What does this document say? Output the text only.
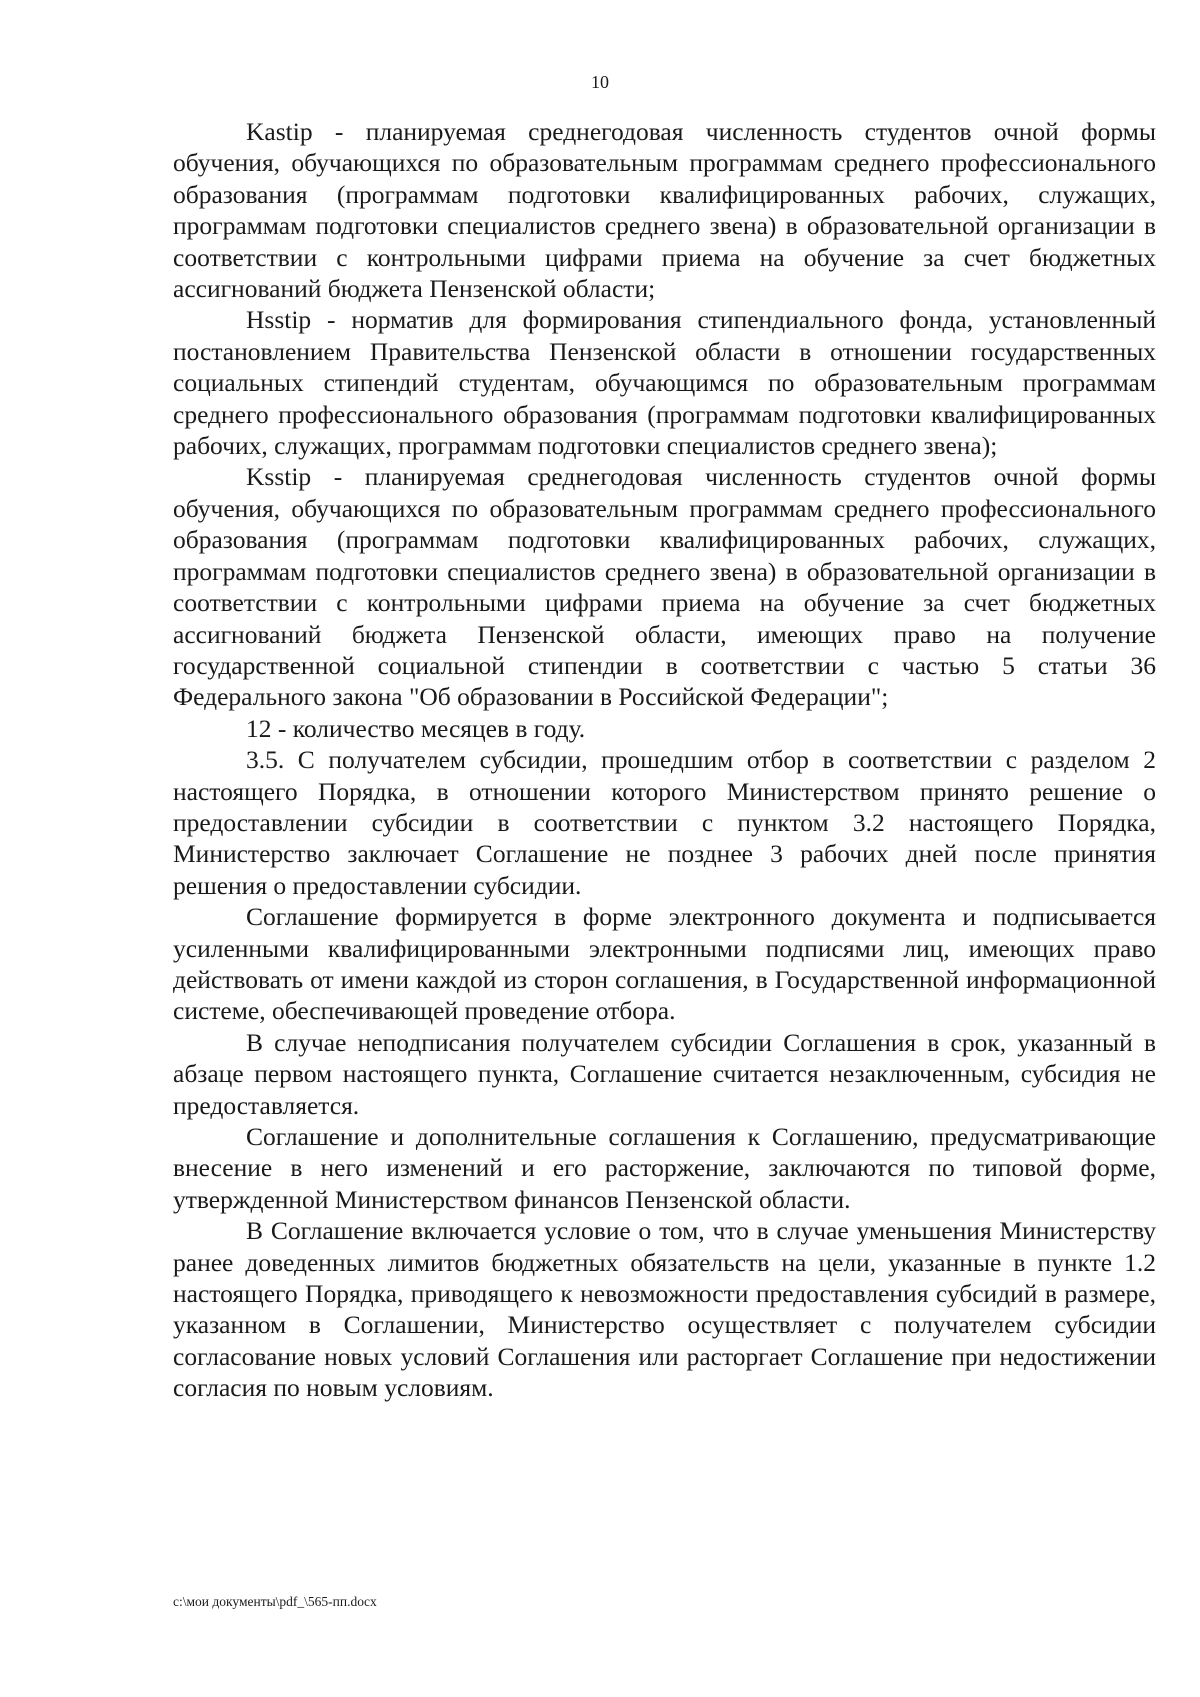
10

Kastip - планируемая среднегодовая численность студентов очной формы обучения, обучающихся по образовательным программам среднего профессионального образования (программам подготовки квалифицированных рабочих, служащих, программам подготовки специалистов среднего звена) в образовательной организации в соответствии с контрольными цифрами приема на обучение за счет бюджетных ассигнований бюджета Пензенской области;

Hsstip - норматив для формирования стипендиального фонда, установленный постановлением Правительства Пензенской области в отношении государственных социальных стипендий студентам, обучающимся по образовательным программам среднего профессионального образования (программам подготовки квалифицированных рабочих, служащих, программам подготовки специалистов среднего звена);

Ksstip - планируемая среднегодовая численность студентов очной формы обучения, обучающихся по образовательным программам среднего профессионального образования (программам подготовки квалифицированных рабочих, служащих, программам подготовки специалистов среднего звена) в образовательной организации в соответствии с контрольными цифрами приема на обучение за счет бюджетных ассигнований бюджета Пензенской области, имеющих право на получение государственной социальной стипендии в соответствии с частью 5 статьи 36 Федерального закона "Об образовании в Российской Федерации";

12 - количество месяцев в году.

3.5. С получателем субсидии, прошедшим отбор в соответствии с разделом 2 настоящего Порядка, в отношении которого Министерством принято решение о предоставлении субсидии в соответствии с пунктом 3.2 настоящего Порядка, Министерство заключает Соглашение не позднее 3 рабочих дней после принятия решения о предоставлении субсидии.

Соглашение формируется в форме электронного документа и подписывается усиленными квалифицированными электронными подписями лиц, имеющих право действовать от имени каждой из сторон соглашения, в Государственной информационной системе, обеспечивающей проведение отбора.

В случае неподписания получателем субсидии Соглашения в срок, указанный в абзаце первом настоящего пункта, Соглашение считается незаключенным, субсидия не предоставляется.

Соглашение и дополнительные соглашения к Соглашению, предусматривающие внесение в него изменений и его расторжение, заключаются по типовой форме, утвержденной Министерством финансов Пензенской области.

В Соглашение включается условие о том, что в случае уменьшения Министерству ранее доведенных лимитов бюджетных обязательств на цели, указанные в пункте 1.2 настоящего Порядка, приводящего к невозможности предоставления субсидий в размере, указанном в Соглашении, Министерство осуществляет с получателем субсидии согласование новых условий Соглашения или расторгает Соглашение при недостижении согласия по новым условиям.

c:\мои документы\pdf_\565-пп.docx
